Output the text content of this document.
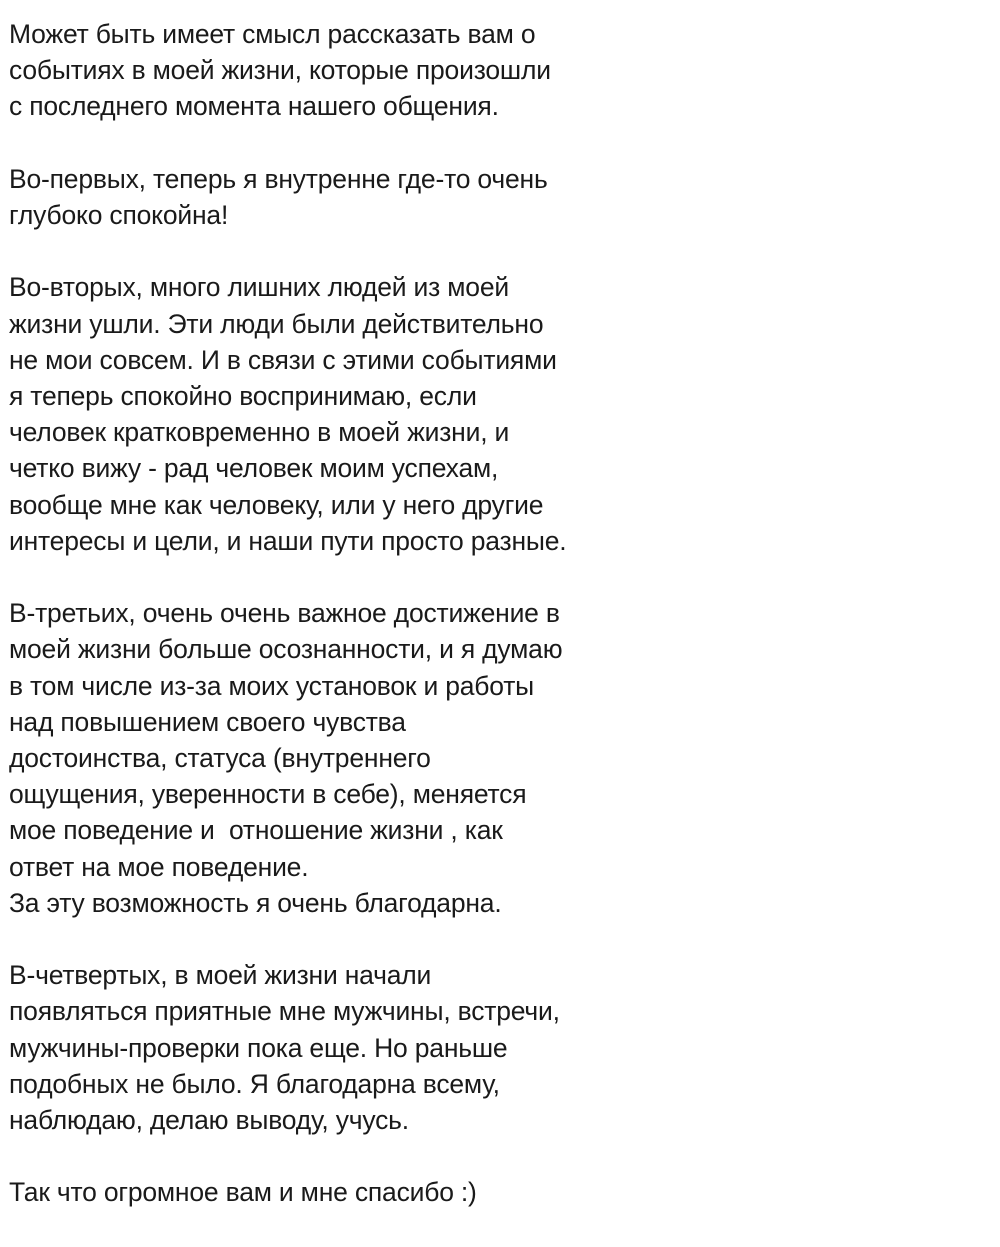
Может быть имеет смысл рассказать вам о
событиях в моей жизни, которые произошли
с последнего момента нашего общения.
Во-первых, теперь я внутренне где-то очень
глубоко спокойна!
Во-вторых, много лишних людей из моей
жизни ушли. Эти люди были действительно
не мои совсем. И в связи с этими событиями
я теперь спокойно воспринимаю, если
человек кратковременно в моей жизни, и
четко вижу - рад человек моим успехам,
вообще мне как человеку, или у него другие
интересы и цели, и наши пути просто разные.
В-третьих, очень очень важное достижение в
моей жизни больше осознанности, и я думаю
в том числе из-за моих установок и работы
над повышением своего чувства
достоинства, статуса (внутреннего
ощущения, уверенности в себе), меняется
мое поведение и  отношение жизни , как
ответ на мое поведение.
За эту возможность я очень благодарна.
В-четвертых, в моей жизни начали
появляться приятные мне мужчины, встречи,
мужчины-проверки пока еще. Но раньше
подобных не было. Я благодарна всему,
наблюдаю, делаю выводу, учусь.
Так что огромное вам и мне спасибо :)
